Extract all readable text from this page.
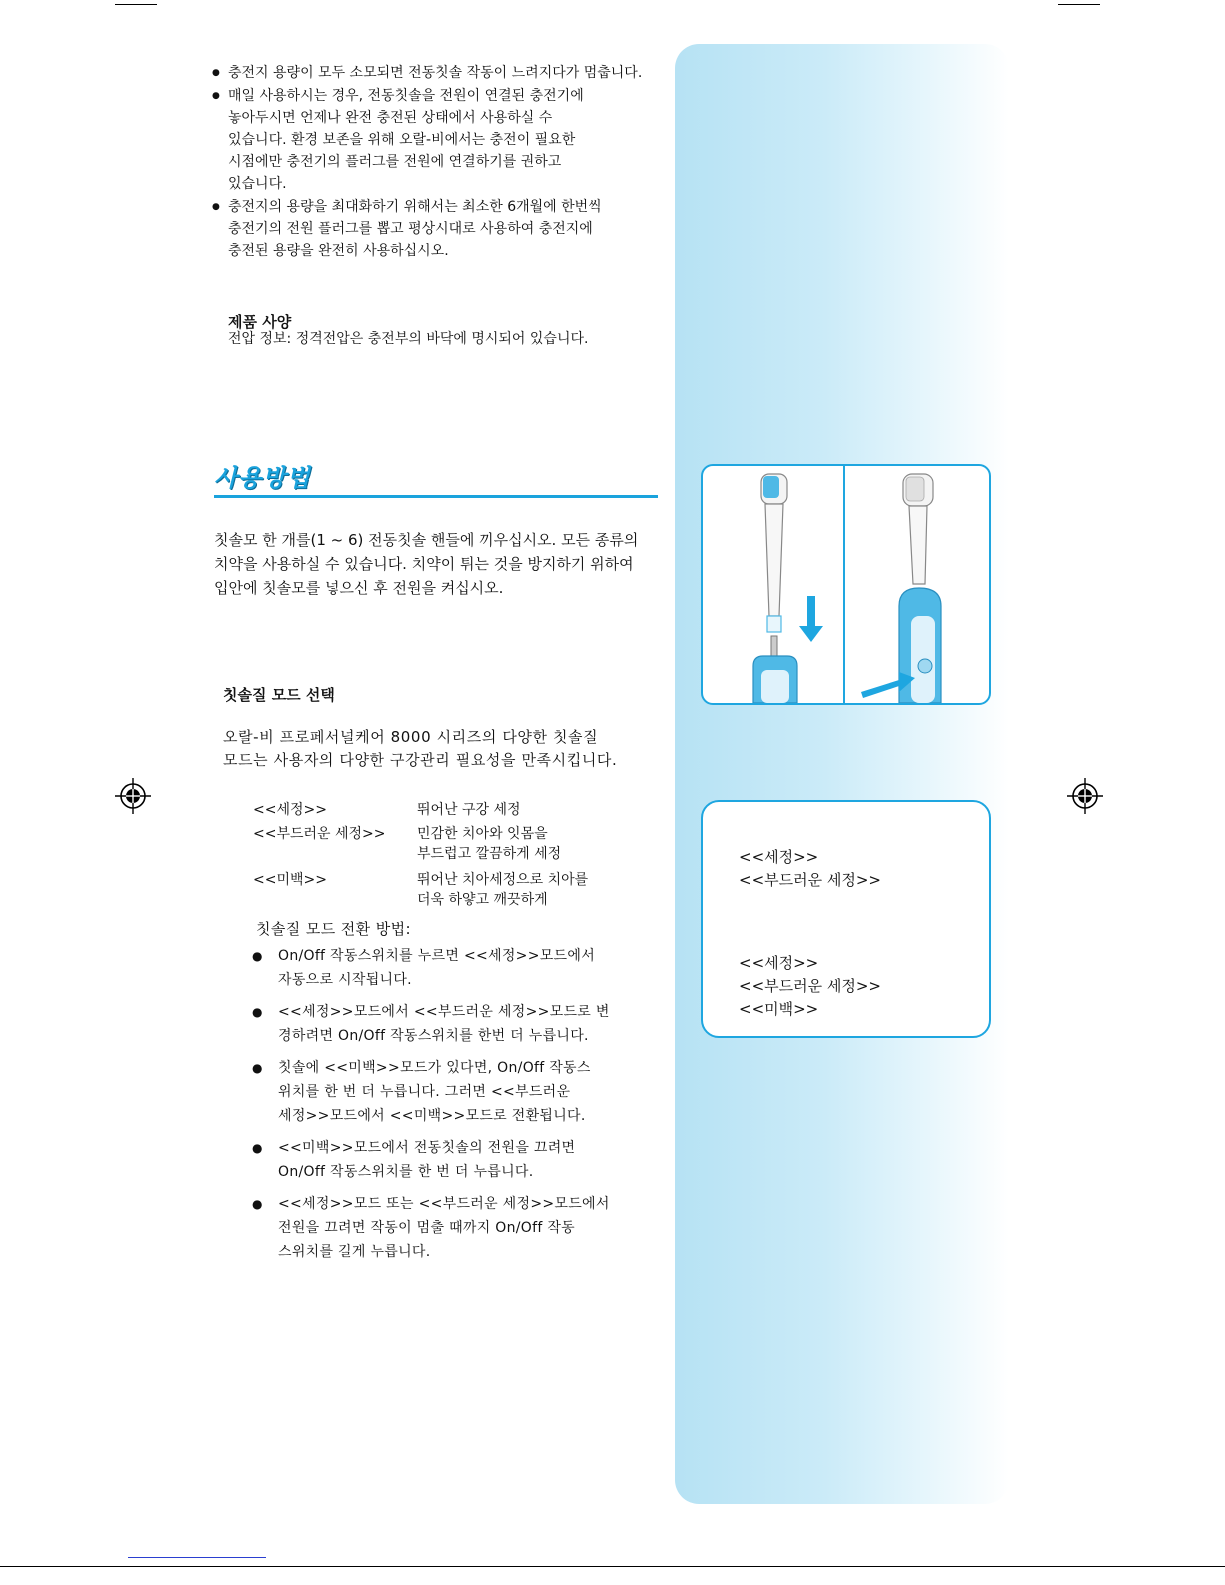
● 충전지 용량이 모두 소모되면 전동칫솔 작동이 느려지다가 멈춥니다.
● 매일 사용하시는 경우, 전동칫솔을 전원이 연결된 충전기에
놓아두시면 언제나 완전 충전된 상태에서 사용하실 수
있습니다. 환경 보존을 위해 오랄-비에서는 충전이 필요한
시점에만 충전기의 플러그를 전원에 연결하기를 권하고
있습니다.
● 충전지의 용량을 최대화하기 위해서는 최소한 6개월에 한번씩
충전기의 전원 플러그를 뽑고 평상시대로 사용하여 충전지에
충전된 용량을 완전히 사용하십시오.
제품 사양
전압 정보: 정격전압은 충전부의 바닥에 명시되어 있습니다.
사용방법
칫솔모 한 개를(1 ~ 6) 전동칫솔 핸들에 끼우십시오. 모든 종류의
치약을 사용하실 수 있습니다. 치약이 튀는 것을 방지하기 위하여
입안에 칫솔모를 넣으신 후 전원을 켜십시오.
칫솔질 모드 선택
오랄-비 프로페서널케어 8000 시리즈의 다양한 칫솔질
모드는 사용자의 다양한 구강관리 필요성을 만족시킵니다.
<<세정>>	뛰어난 구강 세정
<<부드러운 세정>>	민감한 치아와 잇몸을
부드럽고 깔끔하게 세정
<<미백>>	뛰어난 치아세정으로 치아를
더욱 하얗고 깨끗하게
칫솔질 모드 전환 방법:
● On/Off 작동스위치를 누르면 <<세정>>모드에서
자동으로 시작됩니다.
● <<세정>>모드에서 <<부드러운 세정>>모드로 변
경하려면 On/Off 작동스위치를 한번 더 누릅니다.
● 칫솔에 <<미백>>모드가 있다면, On/Off 작동스
위치를 한 번 더 누릅니다. 그러면 <<부드러운
세정>>모드에서 <<미백>>모드로 전환됩니다.
● <<미백>>모드에서 전동칫솔의 전원을 끄려면
On/Off 작동스위치를 한 번 더 누릅니다.
● <<세정>>모드 또는 <<부드러운 세정>>모드에서
전원을 끄려면 작동이 멈출 때까지 On/Off 작동
스위치를 길게 누릅니다.
<<세정>>
<<부드러운 세정>>
<<세정>>
<<부드러운 세정>>
<<미백>>
